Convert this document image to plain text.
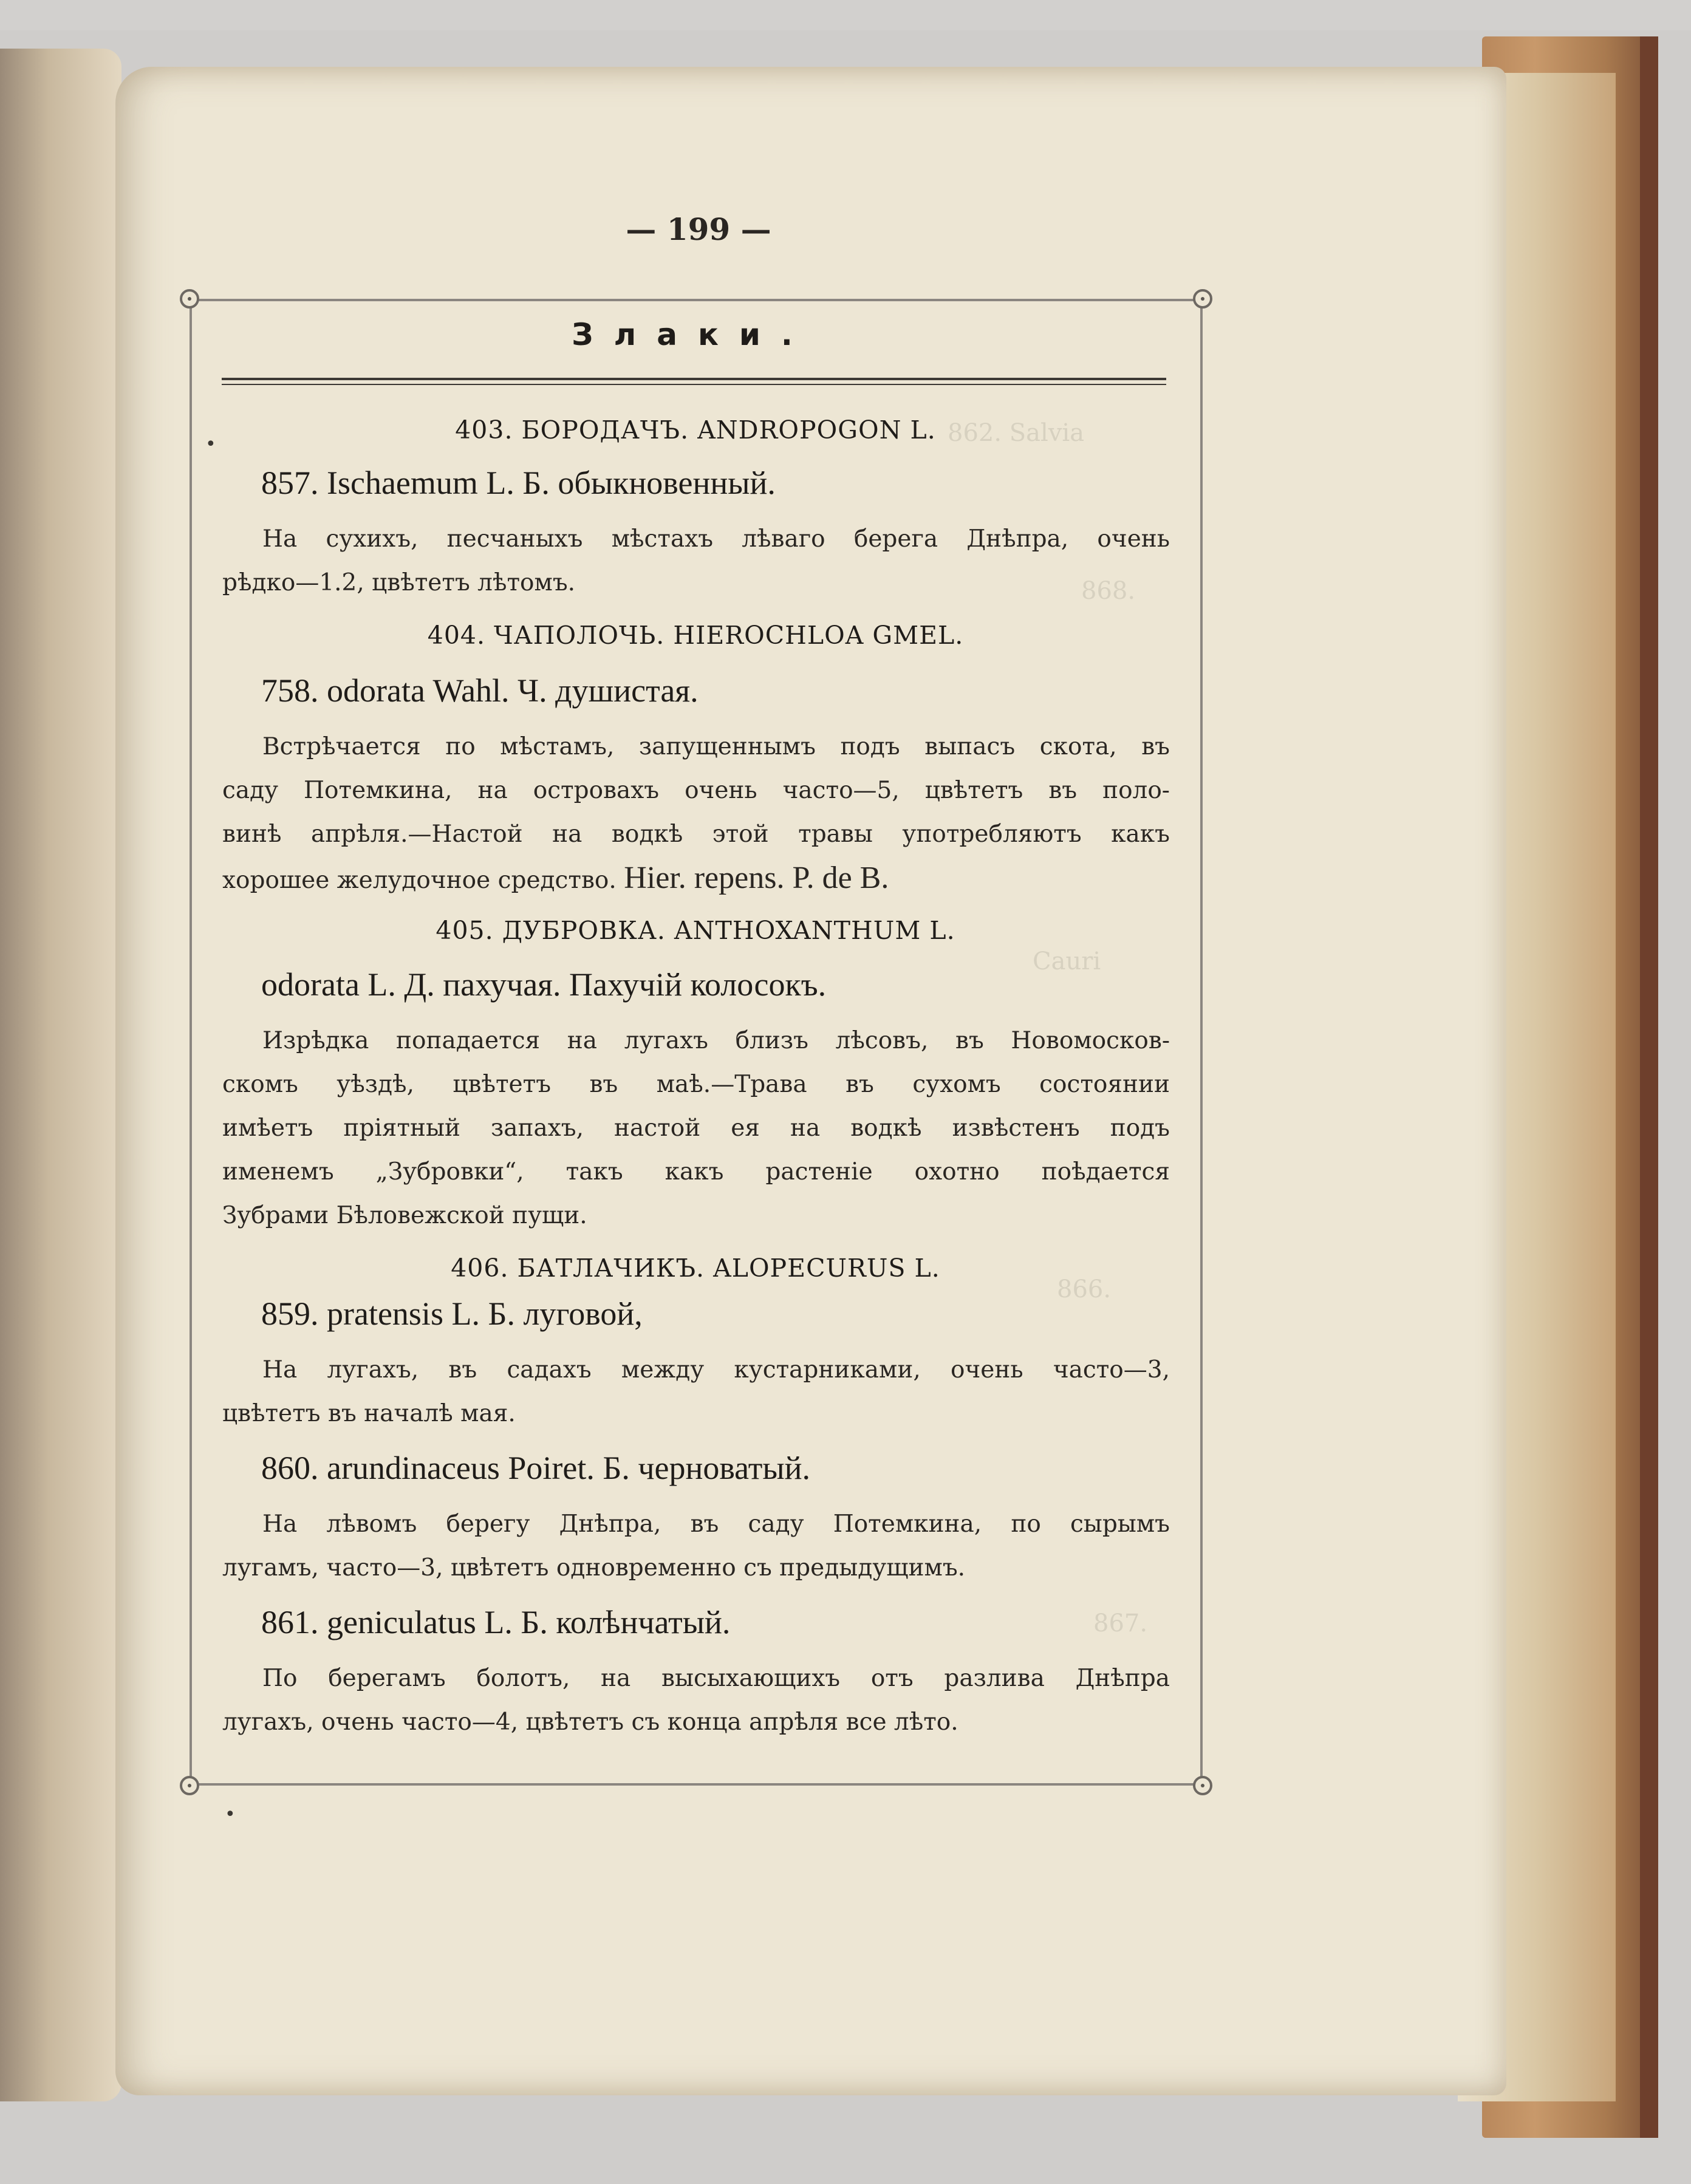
862. Salvia
868.
Cauri
866.
867.
•
•
— 199 —
Злаки.
403. БОРОДАЧЪ. ANDROPOGON L.
857. Ischaemum L. Б. обыкновенный.
На сухихъ, песчаныхъ мѣстахъ лѣваго берега Днѣпра, очень
рѣдко—1.2, цвѣтетъ лѣтомъ.
404. ЧАПОЛОЧЬ. HIEROCHLOA GMEL.
758. odorata Wahl. Ч. душистая.
Встрѣчается по мѣстамъ, запущеннымъ подъ выпасъ скота, въ
саду Потемкина, на островахъ очень часто—5, цвѣтетъ въ поло-
винѣ апрѣля.—Настой на водкѣ этой травы употребляютъ какъ
хорошее желудочное средство. Hier. repens. P. de B.
405. ДУБРОВКА. ANTHOXANTHUM L.
odorata L. Д. пахучая. Пахучій колосокъ.
Изрѣдка попадается на лугахъ близъ лѣсовъ, въ Новомосков-
скомъ уѣздѣ, цвѣтетъ въ маѣ.—Трава въ сухомъ состоянии
имѣетъ пріятный запахъ, настой ея на водкѣ извѣстенъ подъ
именемъ „Зубровки“, такъ какъ растеніе охотно поѣдается
Зубрами Бѣловежской пущи.
406. БАТЛАЧИКЪ. ALOPECURUS L.
859. pratensis L. Б. луговой,
На лугахъ, въ садахъ между кустарниками, очень часто—3,
цвѣтетъ въ началѣ мая.
860. arundinaceus Poiret. Б. черноватый.
На лѣвомъ берегу Днѣпра, въ саду Потемкина, по сырымъ
лугамъ, часто—3, цвѣтетъ одновременно съ предыдущимъ.
861. geniculatus L. Б. колѣнчатый.
По берегамъ болотъ, на высыхающихъ отъ разлива Днѣпра
лугахъ, очень часто—4, цвѣтетъ съ конца апрѣля все лѣто.
